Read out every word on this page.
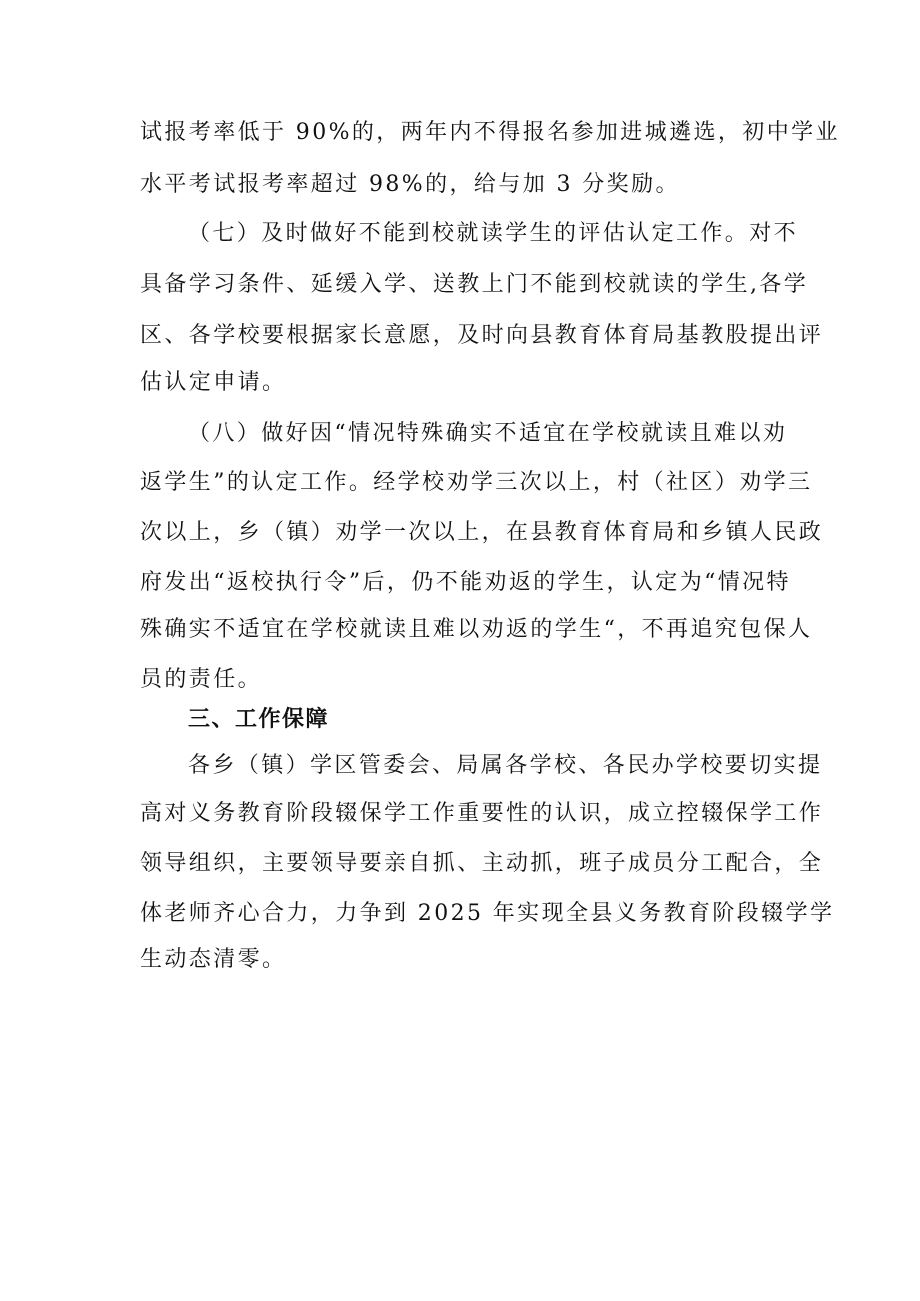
试报考率低于 90%的，两年内不得报名参加进城遴选，初中学业
水平考试报考率超过 98%的，给与加 3 分奖励。
（七）及时做好不能到校就读学生的评估认定工作。对不
具备学习条件、延缓入学、送教上门不能到校就读的学生,各学
区、各学校要根据家长意愿，及时向县教育体育局基教股提出评
估认定申请。
（八）做好因“情况特殊确实不适宜在学校就读且难以劝
返学生”的认定工作。经学校劝学三次以上，村（社区）劝学三
次以上，乡（镇）劝学一次以上，在县教育体育局和乡镇人民政
府发出“返校执行令”后，仍不能劝返的学生，认定为“情况特
殊确实不适宜在学校就读且难以劝返的学生“，不再追究包保人
员的责任。
三、工作保障
各乡（镇）学区管委会、局属各学校、各民办学校要切实提
高对义务教育阶段辍保学工作重要性的认识，成立控辍保学工作
领导组织，主要领导要亲自抓、主动抓，班子成员分工配合，全
体老师齐心合力，力争到 2025 年实现全县义务教育阶段辍学学
生动态清零。
